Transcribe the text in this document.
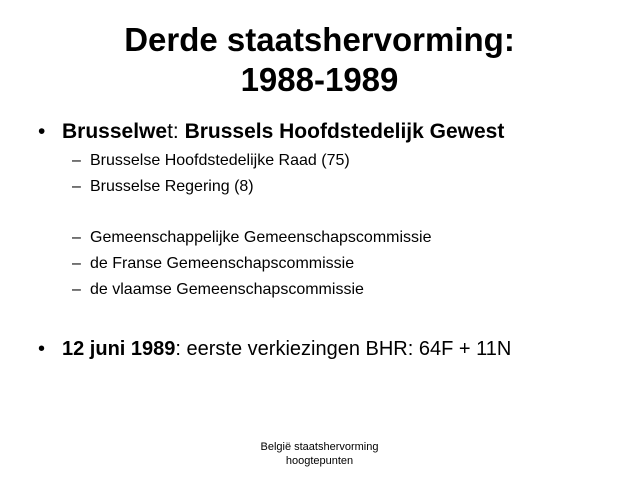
Derde staatshervorming:
1988-1989
• Brusselwet: Brussels Hoofdstedelijk Gewest
– Brusselse Hoofdstedelijke Raad (75)
– Brusselse Regering (8)
– Gemeenschappelijke Gemeenschapscommissie
– de Franse Gemeenschapscommissie
– de vlaamse Gemeenschapscommissie
• 12 juni 1989: eerste verkiezingen BHR: 64F + 11N
België staatshervorming
hoogtepunten
